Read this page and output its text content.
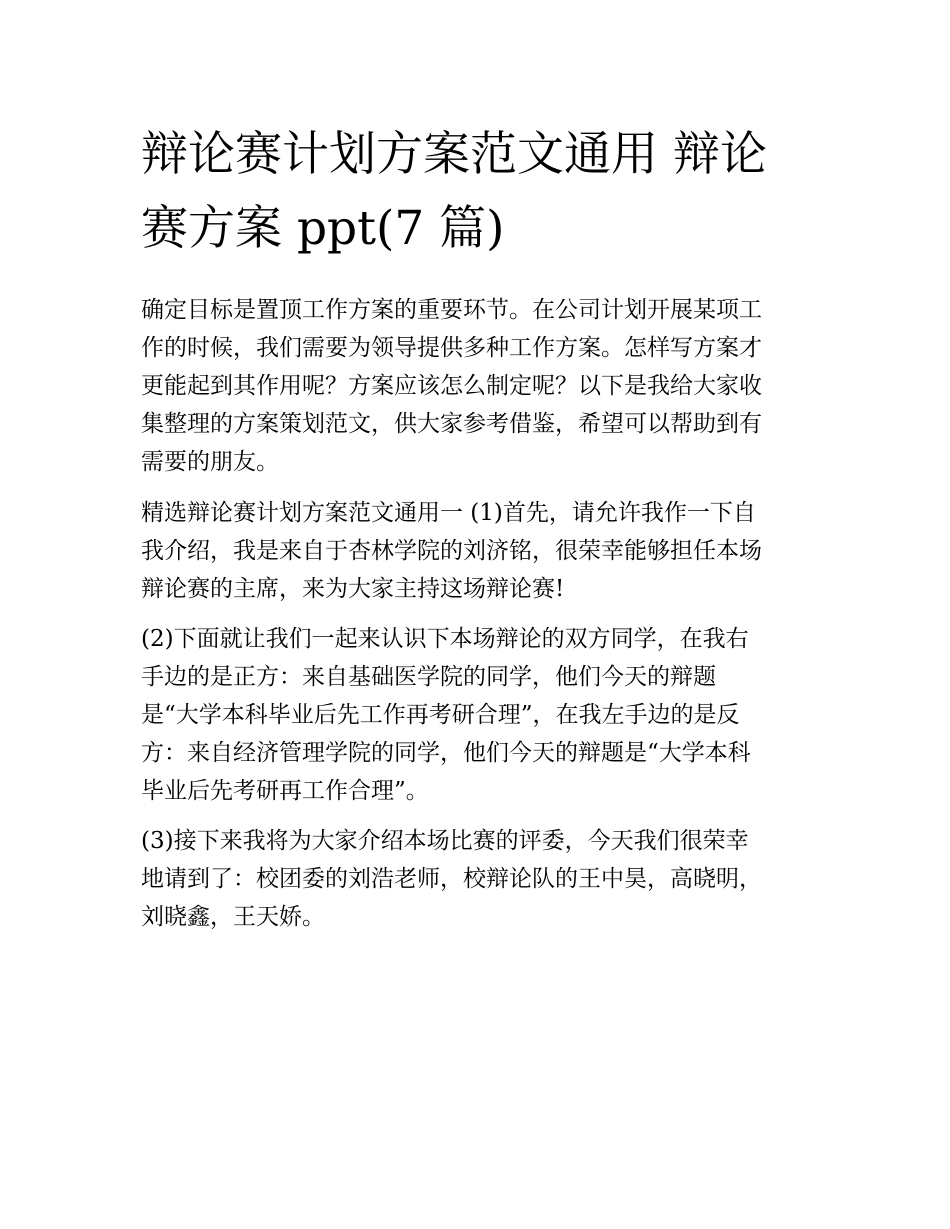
辩论赛计划方案范文通用 辩论
赛方案 ppt(7 篇)

确定目标是置顶工作方案的重要环节。在公司计划开展某项工
作的时候，我们需要为领导提供多种工作方案。怎样写方案才
更能起到其作用呢？方案应该怎么制定呢？以下是我给大家收
集整理的方案策划范文，供大家参考借鉴，希望可以帮助到有
需要的朋友。

精选辩论赛计划方案范文通用一 (1)首先，请允许我作一下自
我介绍，我是来自于杏林学院的刘济铭，很荣幸能够担任本场
辩论赛的主席，来为大家主持这场辩论赛!

(2)下面就让我们一起来认识下本场辩论的双方同学，在我右
手边的是正方：来自基础医学院的同学，他们今天的辩题
是“大学本科毕业后先工作再考研合理”，在我左手边的是反
方：来自经济管理学院的同学，他们今天的辩题是“大学本科
毕业后先考研再工作合理”。

(3)接下来我将为大家介绍本场比赛的评委，今天我们很荣幸
地请到了：校团委的刘浩老师，校辩论队的王中昊，高晓明，
刘晓鑫，王天娇。
